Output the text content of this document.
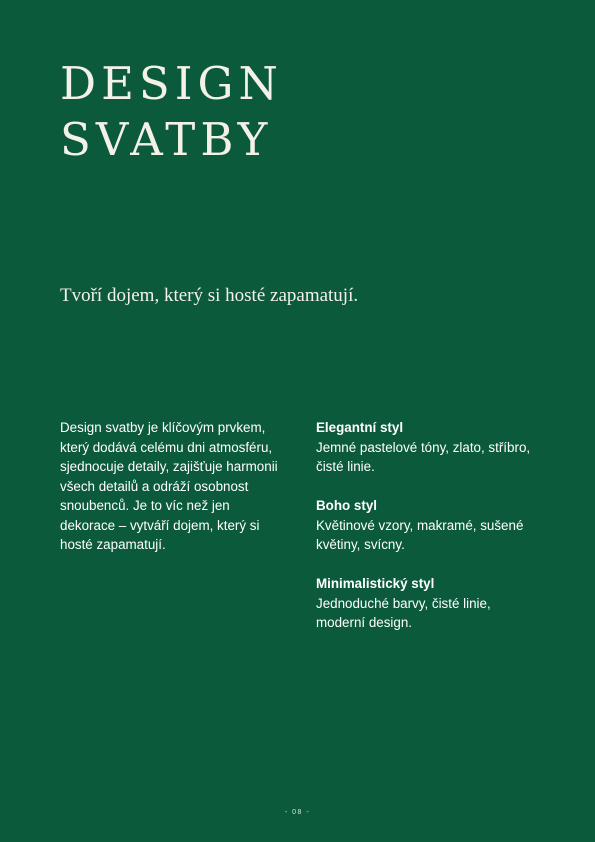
DESIGN
SVATBY

Tvoří dojem, který si hosté zapamatují.

Design svatby je klíčovým prvkem, který dodává celému dni atmosféru, sjednocuje detaily, zajišťuje harmonii všech detailů a odráží osobnost snoubenců. Je to víc než jen dekorace – vytváří dojem, který si hosté zapamatují.

Elegantní styl
Jemné pastelové tóny, zlato, stříbro, čisté linie.
Boho styl
Květinové vzory, makramé, sušené květiny, svícny.
Minimalistický styl
Jednoduché barvy, čisté linie, moderní design.
- 08 -
